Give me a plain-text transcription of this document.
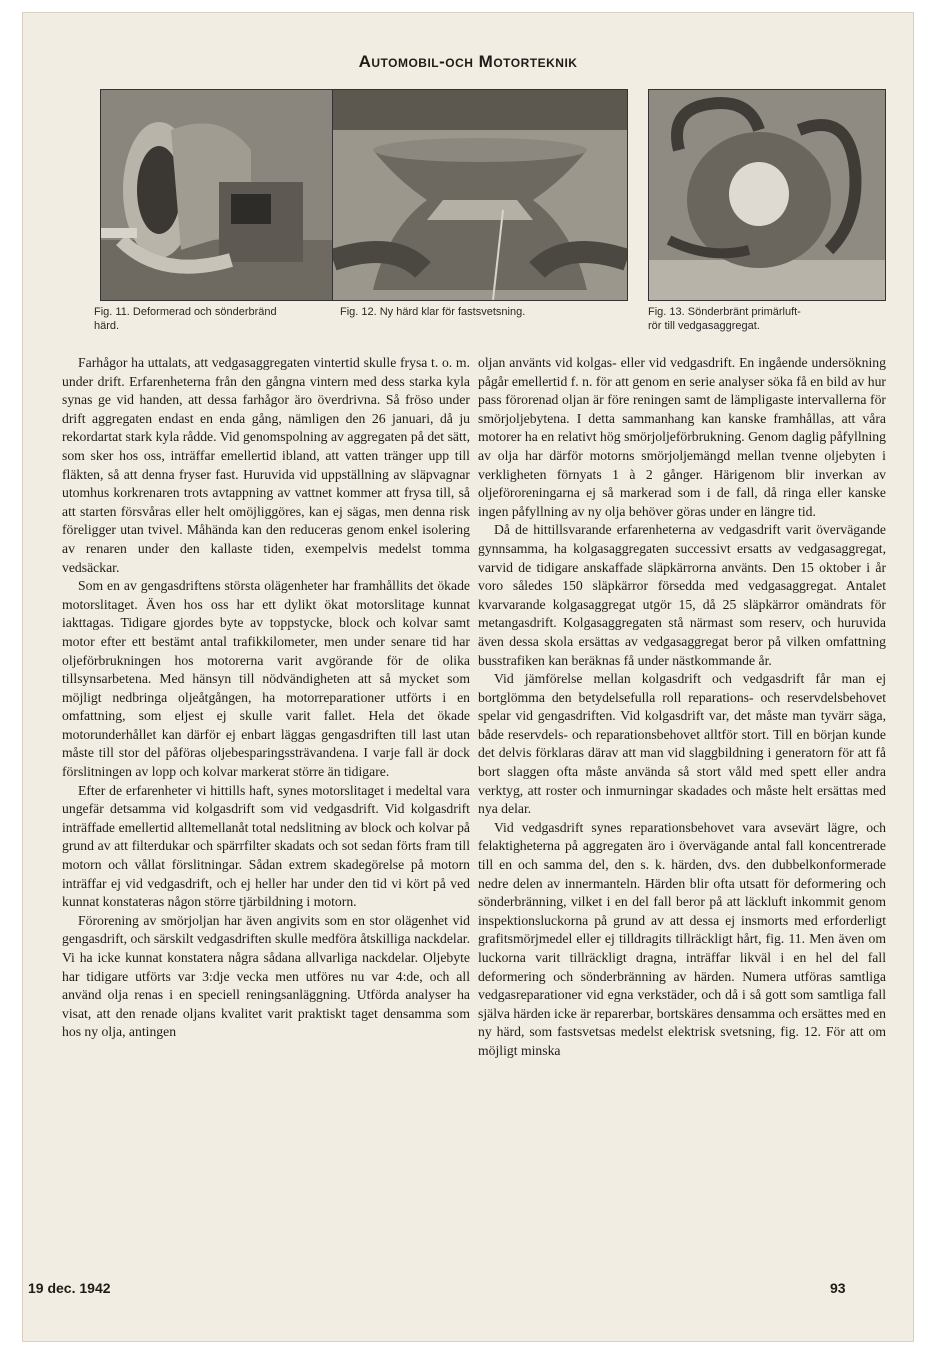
Automobil-och Motorteknik
Fig. 11. Deformerad och sönderbränd
härd.
Fig. 12. Ny härd klar för fastsvetsning.	Fig. 13. Sönderbränt primärluft-
rör till vedgasaggregat.

Farhågor ha uttalats, att vedgasaggregaten vintertid skulle frysa t. o. m. under drift. Erfarenheterna från den gångna vintern med dess starka kyla synas ge vid handen, att dessa farhågor äro överdrivna. Så fröso under drift aggregaten endast en enda gång, nämligen den 26 januari, då ju rekordartat stark kyla rådde. Vid genomspolning av aggregaten på det sätt, som sker hos oss, inträffar emellertid ibland, att vatten tränger upp till fläkten, så att denna fryser fast. Huruvida vid uppställning av släpvagnar utomhus korkrenaren trots avtappning av vattnet kommer att frysa till, så att starten försvåras eller helt omöjliggöres, kan ej sägas, men denna risk föreligger utan tvivel. Måhända kan den reduceras genom enkel isolering av renaren under den kallaste tiden, exempelvis medelst tomma vedsäckar.

Som en av gengasdriftens största olägenheter har framhållits det ökade motorslitaget. Även hos oss har ett dylikt ökat motorslitage kunnat iakttagas. Tidigare gjordes byte av toppstycke, block och kolvar samt motor efter ett bestämt antal trafikkilometer, men under senare tid har oljeförbrukningen hos motorerna varit avgörande för de olika tillsynsarbetena. Med hänsyn till nödvändigheten att så mycket som möjligt nedbringa oljeåtgången, ha motorreparationer utförts i en omfattning, som eljest ej skulle varit fallet. Hela det ökade motorunderhållet kan därför ej enbart läggas gengasdriften till last utan måste till stor del påföras oljebesparingssträvandena. I varje fall är dock förslitningen av lopp och kolvar markerat större än tidigare.

Efter de erfarenheter vi hittills haft, synes motorslitaget i medeltal vara ungefär detsamma vid kolgasdrift som vid vedgasdrift. Vid kolgasdrift inträffade emellertid alltemellanåt total nedslitning av block och kolvar på grund av att filterdukar och spärrfilter skadats och sot sedan förts fram till motorn och vållat förslitningar. Sådan extrem skadegörelse på motorn inträffar ej vid vedgasdrift, och ej heller har under den tid vi kört på ved kunnat konstateras någon större tjärbildning i motorn.

Förorening av smörjoljan har även angivits som en stor olägenhet vid gengasdrift, och särskilt vedgasdriften skulle medföra åtskilliga nackdelar. Vi ha icke kunnat konstatera några sådana allvarliga nackdelar. Oljebyte har tidigare utförts var 3:dje vecka men utföres nu var 4:de, och all använd olja renas i en speciell reningsanläggning. Utförda analyser ha visat, att den renade oljans kvalitet varit praktiskt taget densamma som hos ny olja, antingen

oljan använts vid kolgas- eller vid vedgasdrift. En ingående undersökning pågår emellertid f. n. för att genom en serie analyser söka få en bild av hur pass förorenad oljan är före reningen samt de lämpligaste intervallerna för smörjoljebytena. I detta sammanhang kan kanske framhållas, att våra motorer ha en relativt hög smörjoljeförbrukning. Genom daglig påfyllning av olja har därför motorns smörjoljemängd mellan tvenne oljebyten i verkligheten förnyats 1 à 2 gånger. Härigenom blir inverkan av oljeföroreningarna ej så markerad som i de fall, då ringa eller kanske ingen påfyllning av ny olja behöver göras under en längre tid.

Då de hittillsvarande erfarenheterna av vedgasdrift varit övervägande gynnsamma, ha kolgasaggregaten successivt ersatts av vedgasaggregat, varvid de tidigare anskaffade släpkärrorna använts. Den 15 oktober i år voro således 150 släpkärror försedda med vedgasaggregat. Antalet kvarvarande kolgasaggregat utgör 15, då 25 släpkärror omändrats för metangasdrift. Kolgasaggregaten stå närmast som reserv, och huruvida även dessa skola ersättas av vedgasaggregat beror på vilken omfattning busstrafiken kan beräknas få under nästkommande år.

Vid jämförelse mellan kolgasdrift och vedgasdrift får man ej bortglömma den betydelsefulla roll reparations- och reservdelsbehovet spelar vid gengasdriften. Vid kolgasdrift var, det måste man tyvärr säga, både reservdels- och reparationsbehovet alltför stort. Till en början kunde det delvis förklaras därav att man vid slaggbildning i generatorn för att få bort slaggen ofta måste använda så stort våld med spett eller andra verktyg, att roster och inmurningar skadades och måste helt ersättas med nya delar.

Vid vedgasdrift synes reparationsbehovet vara avsevärt lägre, och felaktigheterna på aggregaten äro i övervägande antal fall koncentrerade till en och samma del, den s. k. härden, dvs. den dubbelkonformerade nedre delen av innermanteln. Härden blir ofta utsatt för deformering och sönderbränning, vilket i en del fall beror på att läckluft inkommit genom inspektionsluckorna på grund av att dessa ej insmorts med erforderligt grafitsmörjmedel eller ej tilldragits tillräckligt hårt, fig. 11. Men även om luckorna varit tillräckligt dragna, inträffar likväl i en hel del fall deformering och sönderbränning av härden. Numera utföras samtliga vedgasreparationer vid egna verkstäder, och då i så gott som samtliga fall själva härden icke är reparerbar, bortskäres densamma och ersättes med en ny härd, som fastsvetsas medelst elektrisk svetsning, fig. 12. För att om möjligt minska

19 dec. 1942	93
